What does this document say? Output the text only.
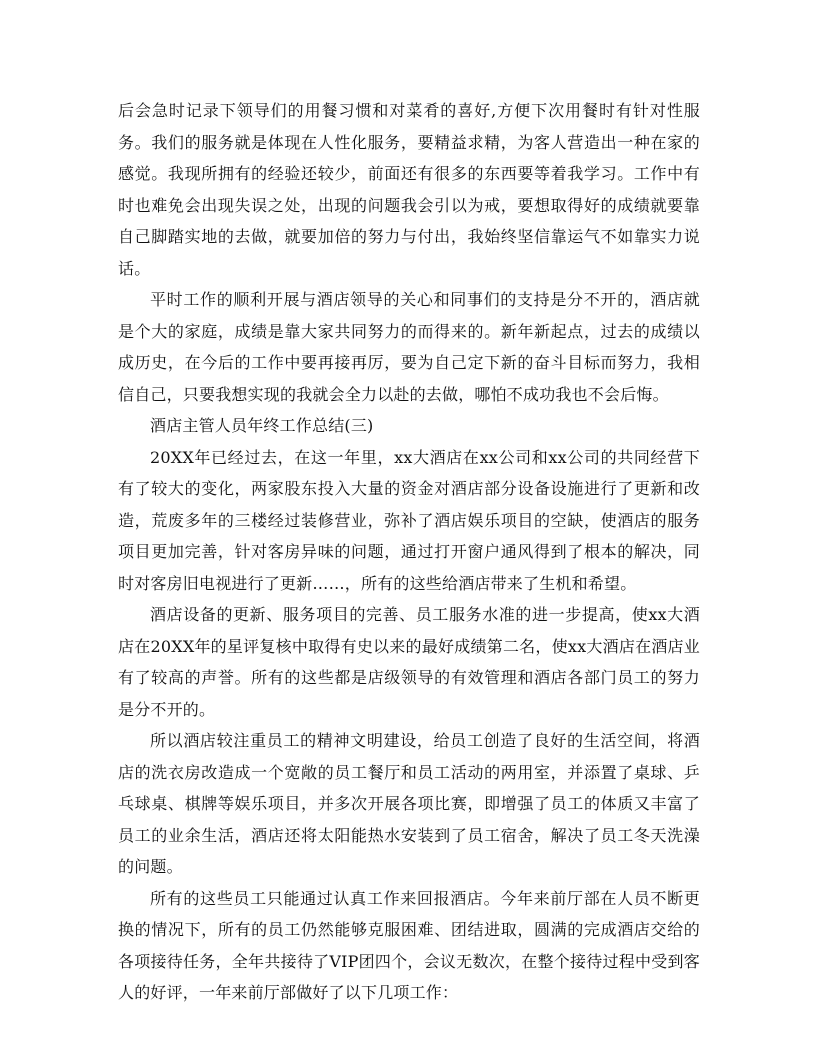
后会急时记录下领导们的用餐习惯和对菜肴的喜好,方便下次用餐时有针对性服务。我们的服务就是体现在人性化服务，要精益求精，为客人营造出一种在家的感觉。我现所拥有的经验还较少，前面还有很多的东西要等着我学习。工作中有时也难免会出现失误之处，出现的问题我会引以为戒，要想取得好的成绩就要靠自己脚踏实地的去做，就要加倍的努力与付出，我始终坚信靠运气不如靠实力说话。

平时工作的顺利开展与酒店领导的关心和同事们的支持是分不开的，酒店就是个大的家庭，成绩是靠大家共同努力的而得来的。新年新起点，过去的成绩以成历史，在今后的工作中要再接再厉，要为自己定下新的奋斗目标而努力，我相信自己，只要我想实现的我就会全力以赴的去做，哪怕不成功我也不会后悔。

酒店主管人员年终工作总结(三)

20XX年已经过去，在这一年里，xx大酒店在xx公司和xx公司的共同经营下有了较大的变化，两家股东投入大量的资金对酒店部分设备设施进行了更新和改造，荒废多年的三楼经过装修营业，弥补了酒店娱乐项目的空缺，使酒店的服务项目更加完善，针对客房异味的问题，通过打开窗户通风得到了根本的解决，同时对客房旧电视进行了更新……，所有的这些给酒店带来了生机和希望。

酒店设备的更新、服务项目的完善、员工服务水准的进一步提高，使xx大酒店在20XX年的星评复核中取得有史以来的最好成绩第二名，使xx大酒店在酒店业有了较高的声誉。所有的这些都是店级领导的有效管理和酒店各部门员工的努力是分不开的。

所以酒店较注重员工的精神文明建设，给员工创造了良好的生活空间，将酒店的洗衣房改造成一个宽敞的员工餐厅和员工活动的两用室，并添置了桌球、乒乓球桌、棋牌等娱乐项目，并多次开展各项比赛，即增强了员工的体质又丰富了员工的业余生活，酒店还将太阳能热水安装到了员工宿舍，解决了员工冬天洗澡的问题。

所有的这些员工只能通过认真工作来回报酒店。今年来前厅部在人员不断更换的情况下，所有的员工仍然能够克服困难、团结进取，圆满的完成酒店交给的各项接待任务，全年共接待了VIP团四个，会议无数次，在整个接待过程中受到客人的好评，一年来前厅部做好了以下几项工作：
